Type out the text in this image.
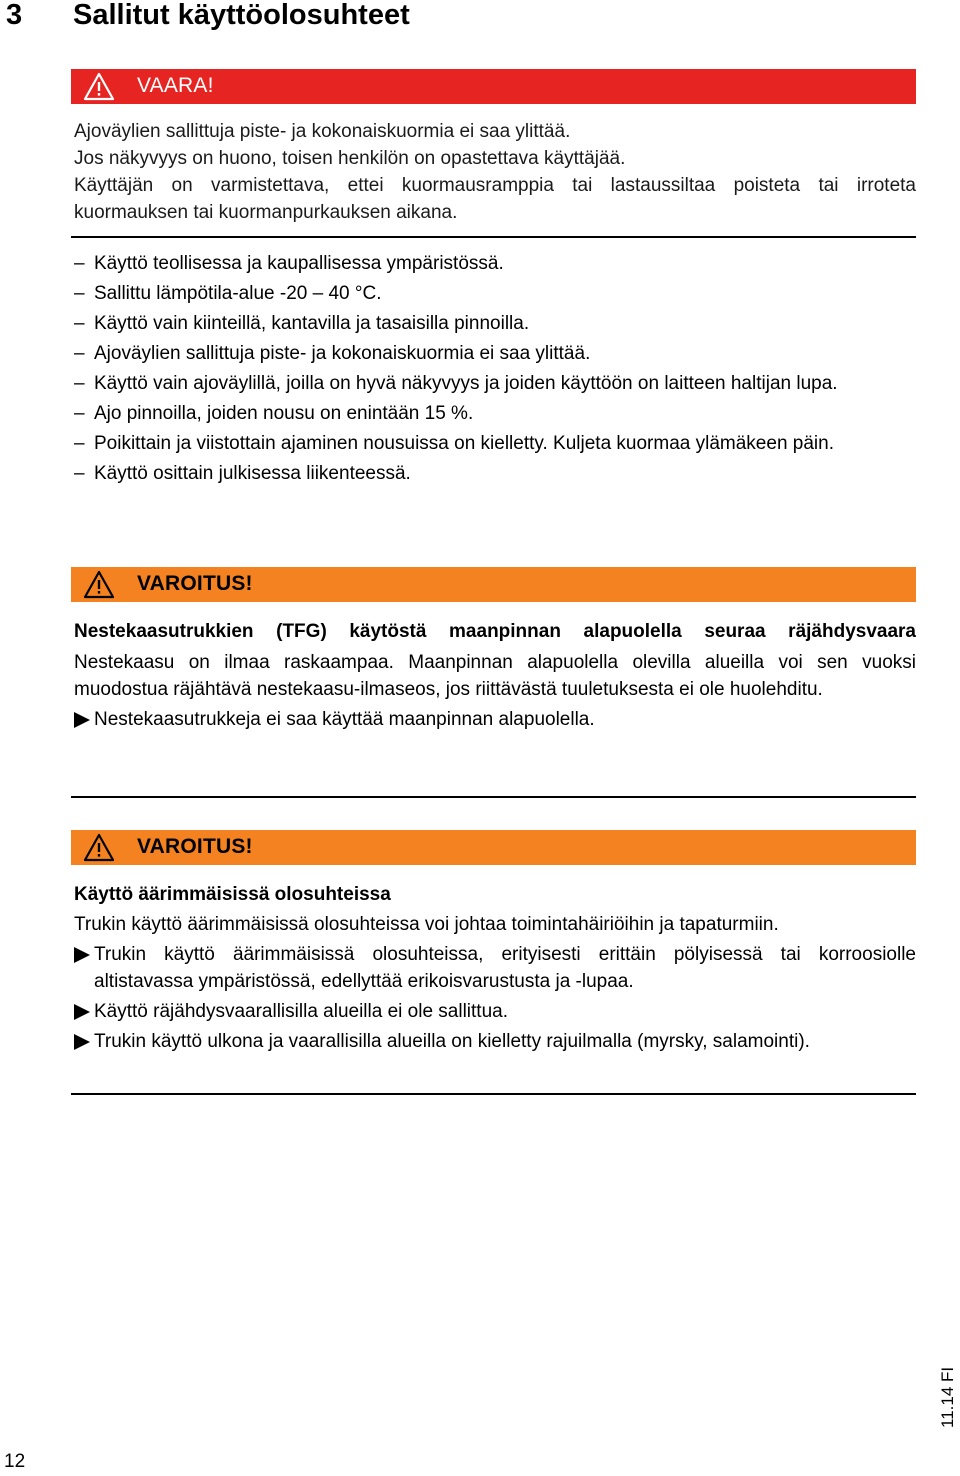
3 Sallitut käyttöolosuhteet
VAARA!

Ajoväylien sallittuja piste- ja kokonaiskuormia ei saa ylittää.

Jos näkyvyys on huono, toisen henkilön on opastettava käyttäjää.

Käyttäjän on varmistettava, ettei kuormausramppia tai lastaussiltaa poisteta tai irroteta kuormauksen tai kuormanpurkauksen aikana.

– Käyttö teollisessa ja kaupallisessa ympäristössä.
– Sallittu lämpötila-alue -20 – 40 °C.
– Käyttö vain kiinteillä, kantavilla ja tasaisilla pinnoilla.
– Ajoväylien sallittuja piste- ja kokonaiskuormia ei saa ylittää.
– Käyttö vain ajoväylillä, joilla on hyvä näkyvyys ja joiden käyttöön on laitteen haltijan lupa.
– Ajo pinnoilla, joiden nousu on enintään 15 %.
– Poikittain ja viistottain ajaminen nousuissa on kielletty. Kuljeta kuormaa ylämäkeen päin.
– Käyttö osittain julkisessa liikenteessä.
VAROITUS!

Nestekaasutrukkien (TFG) käytöstä maanpinnan alapuolella seuraa räjähdysvaara

Nestekaasu on ilmaa raskaampaa. Maanpinnan alapuolella olevilla alueilla voi sen vuoksi muodostua räjähtävä nestekaasu-ilmaseos, jos riittävästä tuuletuksesta ei ole huolehditu.

Nestekaasutrukkeja ei saa käyttää maanpinnan alapuolella.
VAROITUS!

Käyttö äärimmäisissä olosuhteissa

Trukin käyttö äärimmäisissä olosuhteissa voi johtaa toimintahäiriöihin ja tapaturmiin.

Trukin käyttö äärimmäisissä olosuhteissa, erityisesti erittäin pölyisessä tai korroosiolle altistavassa ympäristössä, edellyttää erikoisvarustusta ja -lupaa.
Käyttö räjähdysvaarallisilla alueilla ei ole sallittua.
Trukin käyttö ulkona ja vaarallisilla alueilla on kielletty rajuilmalla (myrsky, salamointi).
12
11.14 FI
